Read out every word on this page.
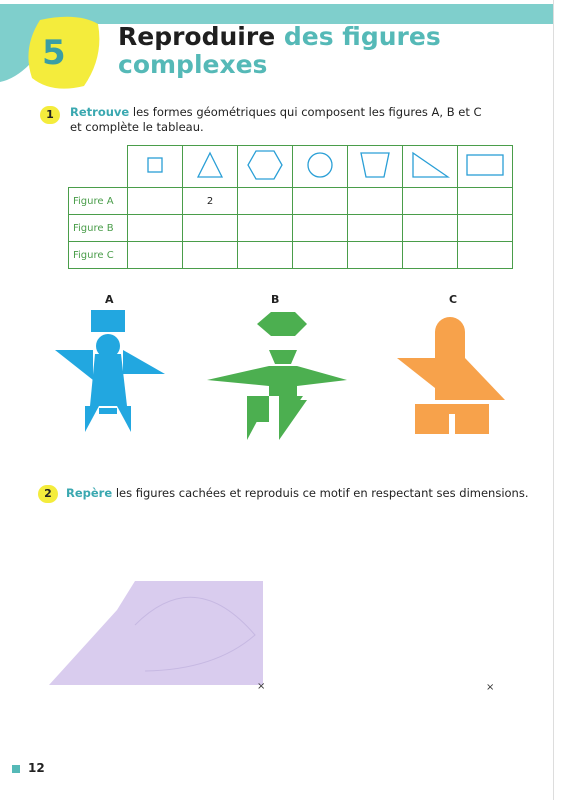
5 Reproduire des figures
complexes
1	Retrouve les formes géométriques qui composent les figures A, B et C
et complète le tableau.

Figure A		2					
Figure B							
Figure C							
A	B	C
2	Repère les figures cachées et reproduis ce motif en respectant ses dimensions.
×	×
12
